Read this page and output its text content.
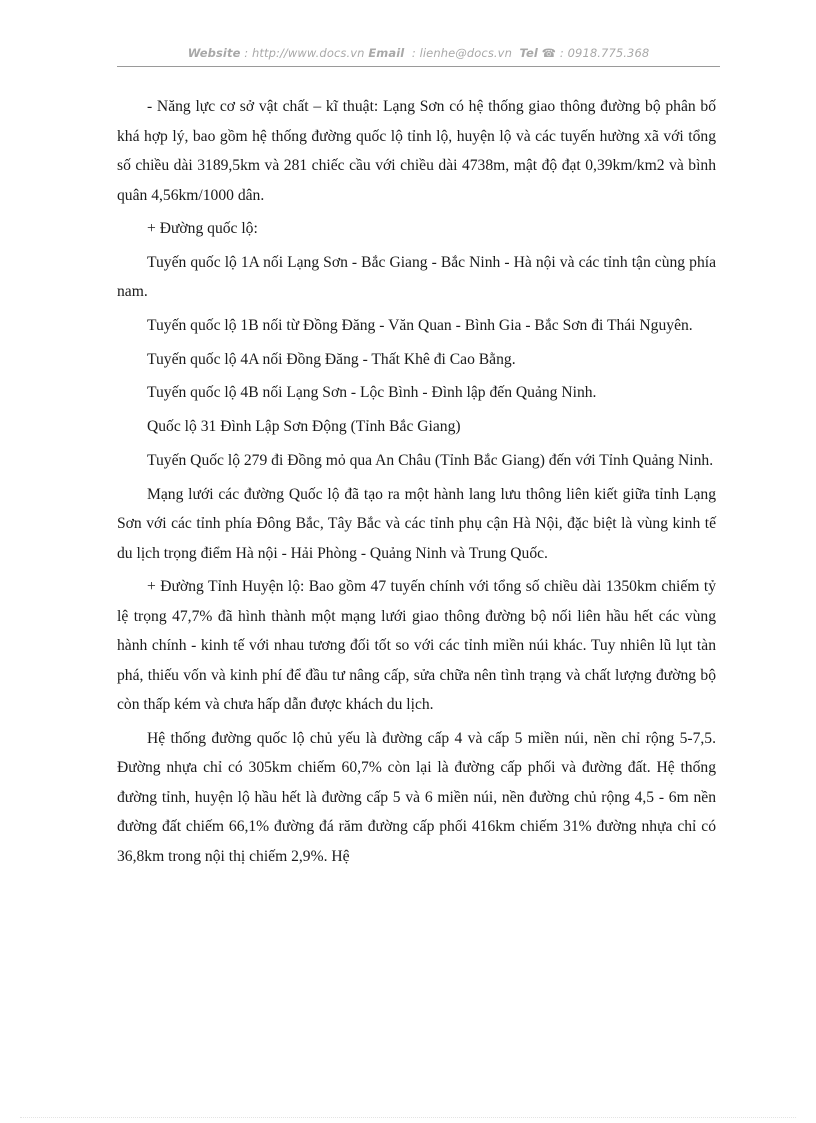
Website : http://www.docs.vn Email  : lienhe@docs.vn Tel ☎ : 0918.775.368

- Năng lực cơ sở vật chất – kĩ thuật: Lạng Sơn có hệ thống giao thông đường bộ phân bố khá hợp lý, bao gồm hệ thống đường quốc lộ tỉnh lộ, huyện lộ và các tuyến hường xã với tổng số chiều dài 3189,5km và 281 chiếc cầu với chiều dài 4738m, mật độ đạt 0,39km/km2 và bình quân 4,56km/1000 dân.

+ Đường quốc lộ:

Tuyến quốc lộ 1A nối Lạng Sơn - Bắc Giang - Bắc Ninh - Hà nội và các tỉnh tận cùng phía nam.

Tuyến quốc lộ 1B nối từ Đồng Đăng - Văn Quan - Bình Gia - Bắc Sơn đi Thái Nguyên.

Tuyến quốc lộ 4A nối Đồng Đăng - Thất Khê đi Cao Bằng.

Tuyến quốc lộ 4B nối Lạng Sơn - Lộc Bình - Đình lập đến Quảng Ninh.

Quốc lộ 31 Đình Lập Sơn Động (Tỉnh Bắc Giang)

Tuyến Quốc lộ 279 đi Đồng mỏ qua An Châu (Tỉnh Bắc Giang) đến với Tỉnh Quảng Ninh.

Mạng lưới các đường Quốc lộ đã tạo ra một hành lang lưu thông liên kiết giữa tỉnh Lạng Sơn với các tỉnh phía Đông Bắc, Tây Bắc và các tỉnh phụ cận Hà Nội, đặc biệt là vùng kinh tế du lịch trọng điểm Hà nội - Hải Phòng - Quảng Ninh và Trung Quốc.

+ Đường Tỉnh Huyện lộ: Bao gồm 47 tuyến chính với tổng số chiều dài 1350km chiếm tỷ lệ trọng 47,7% đã hình thành một mạng lưới giao thông đường bộ nối liên hầu hết các vùng hành chính - kinh tế với nhau tương đối tốt so với các tỉnh miền núi khác. Tuy nhiên lũ lụt tàn phá, thiếu vốn và kinh phí để đầu tư nâng cấp, sửa chữa nên tình trạng và chất lượng đường bộ còn thấp kém và chưa hấp dẫn được khách du lịch.

Hệ thống đường quốc lộ chủ yếu là đường cấp 4 và cấp 5 miền núi, nền chỉ rộng 5-7,5. Đường nhựa chỉ có 305km chiếm 60,7% còn lại là đường cấp phối và đường đất. Hệ thống đường tỉnh, huyện lộ hầu hết là đường cấp 5 và 6 miền núi, nền đường chủ rộng 4,5 - 6m nền đường đất chiếm 66,1% đường đá răm đường cấp phối 416km chiếm 31% đường nhựa chỉ có 36,8km trong nội thị chiếm 2,9%. Hệ
